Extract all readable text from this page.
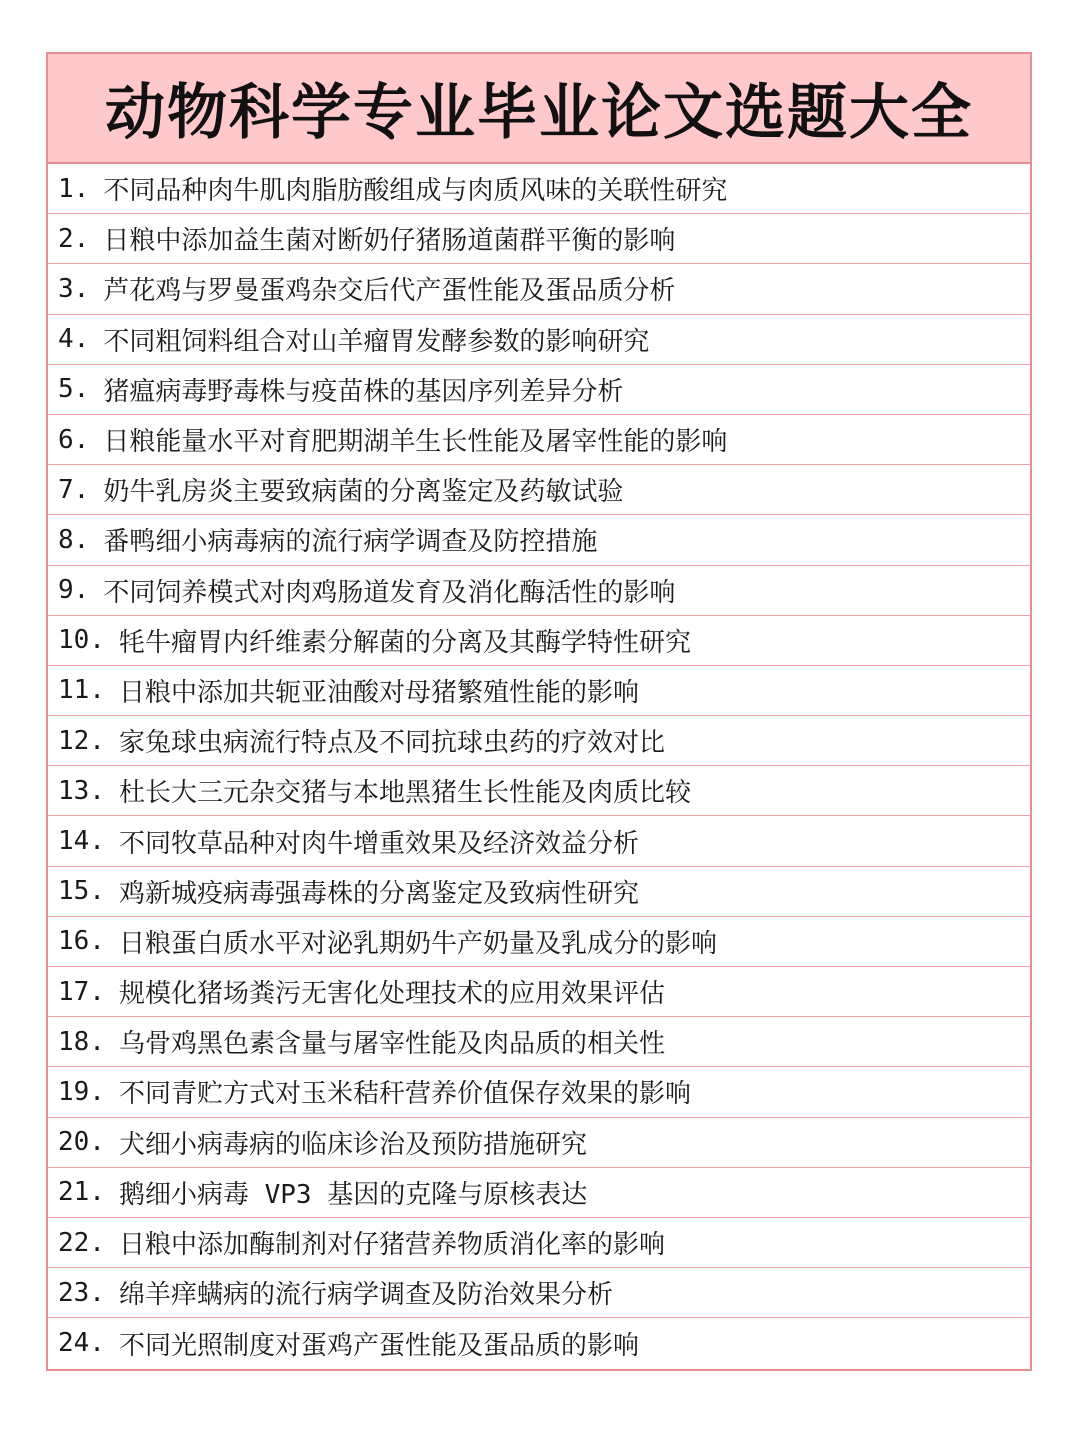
动物科学专业毕业论文选题大全
1. 不同品种肉牛肌肉脂肪酸组成与肉质风味的关联性研究
2. 日粮中添加益生菌对断奶仔猪肠道菌群平衡的影响
3. 芦花鸡与罗曼蛋鸡杂交后代产蛋性能及蛋品质分析
4. 不同粗饲料组合对山羊瘤胃发酵参数的影响研究
5. 猪瘟病毒野毒株与疫苗株的基因序列差异分析
6. 日粮能量水平对育肥期湖羊生长性能及屠宰性能的影响
7. 奶牛乳房炎主要致病菌的分离鉴定及药敏试验
8. 番鸭细小病毒病的流行病学调查及防控措施
9. 不同饲养模式对肉鸡肠道发育及消化酶活性的影响
10. 牦牛瘤胃内纤维素分解菌的分离及其酶学特性研究
11. 日粮中添加共轭亚油酸对母猪繁殖性能的影响
12. 家兔球虫病流行特点及不同抗球虫药的疗效对比
13. 杜长大三元杂交猪与本地黑猪生长性能及肉质比较
14. 不同牧草品种对肉牛增重效果及经济效益分析
15. 鸡新城疫病毒强毒株的分离鉴定及致病性研究
16. 日粮蛋白质水平对泌乳期奶牛产奶量及乳成分的影响
17. 规模化猪场粪污无害化处理技术的应用效果评估
18. 乌骨鸡黑色素含量与屠宰性能及肉品质的相关性
19. 不同青贮方式对玉米秸秆营养价值保存效果的影响
20. 犬细小病毒病的临床诊治及预防措施研究
21. 鹅细小病毒 VP3 基因的克隆与原核表达
22. 日粮中添加酶制剂对仔猪营养物质消化率的影响
23. 绵羊痒螨病的流行病学调查及防治效果分析
24. 不同光照制度对蛋鸡产蛋性能及蛋品质的影响
